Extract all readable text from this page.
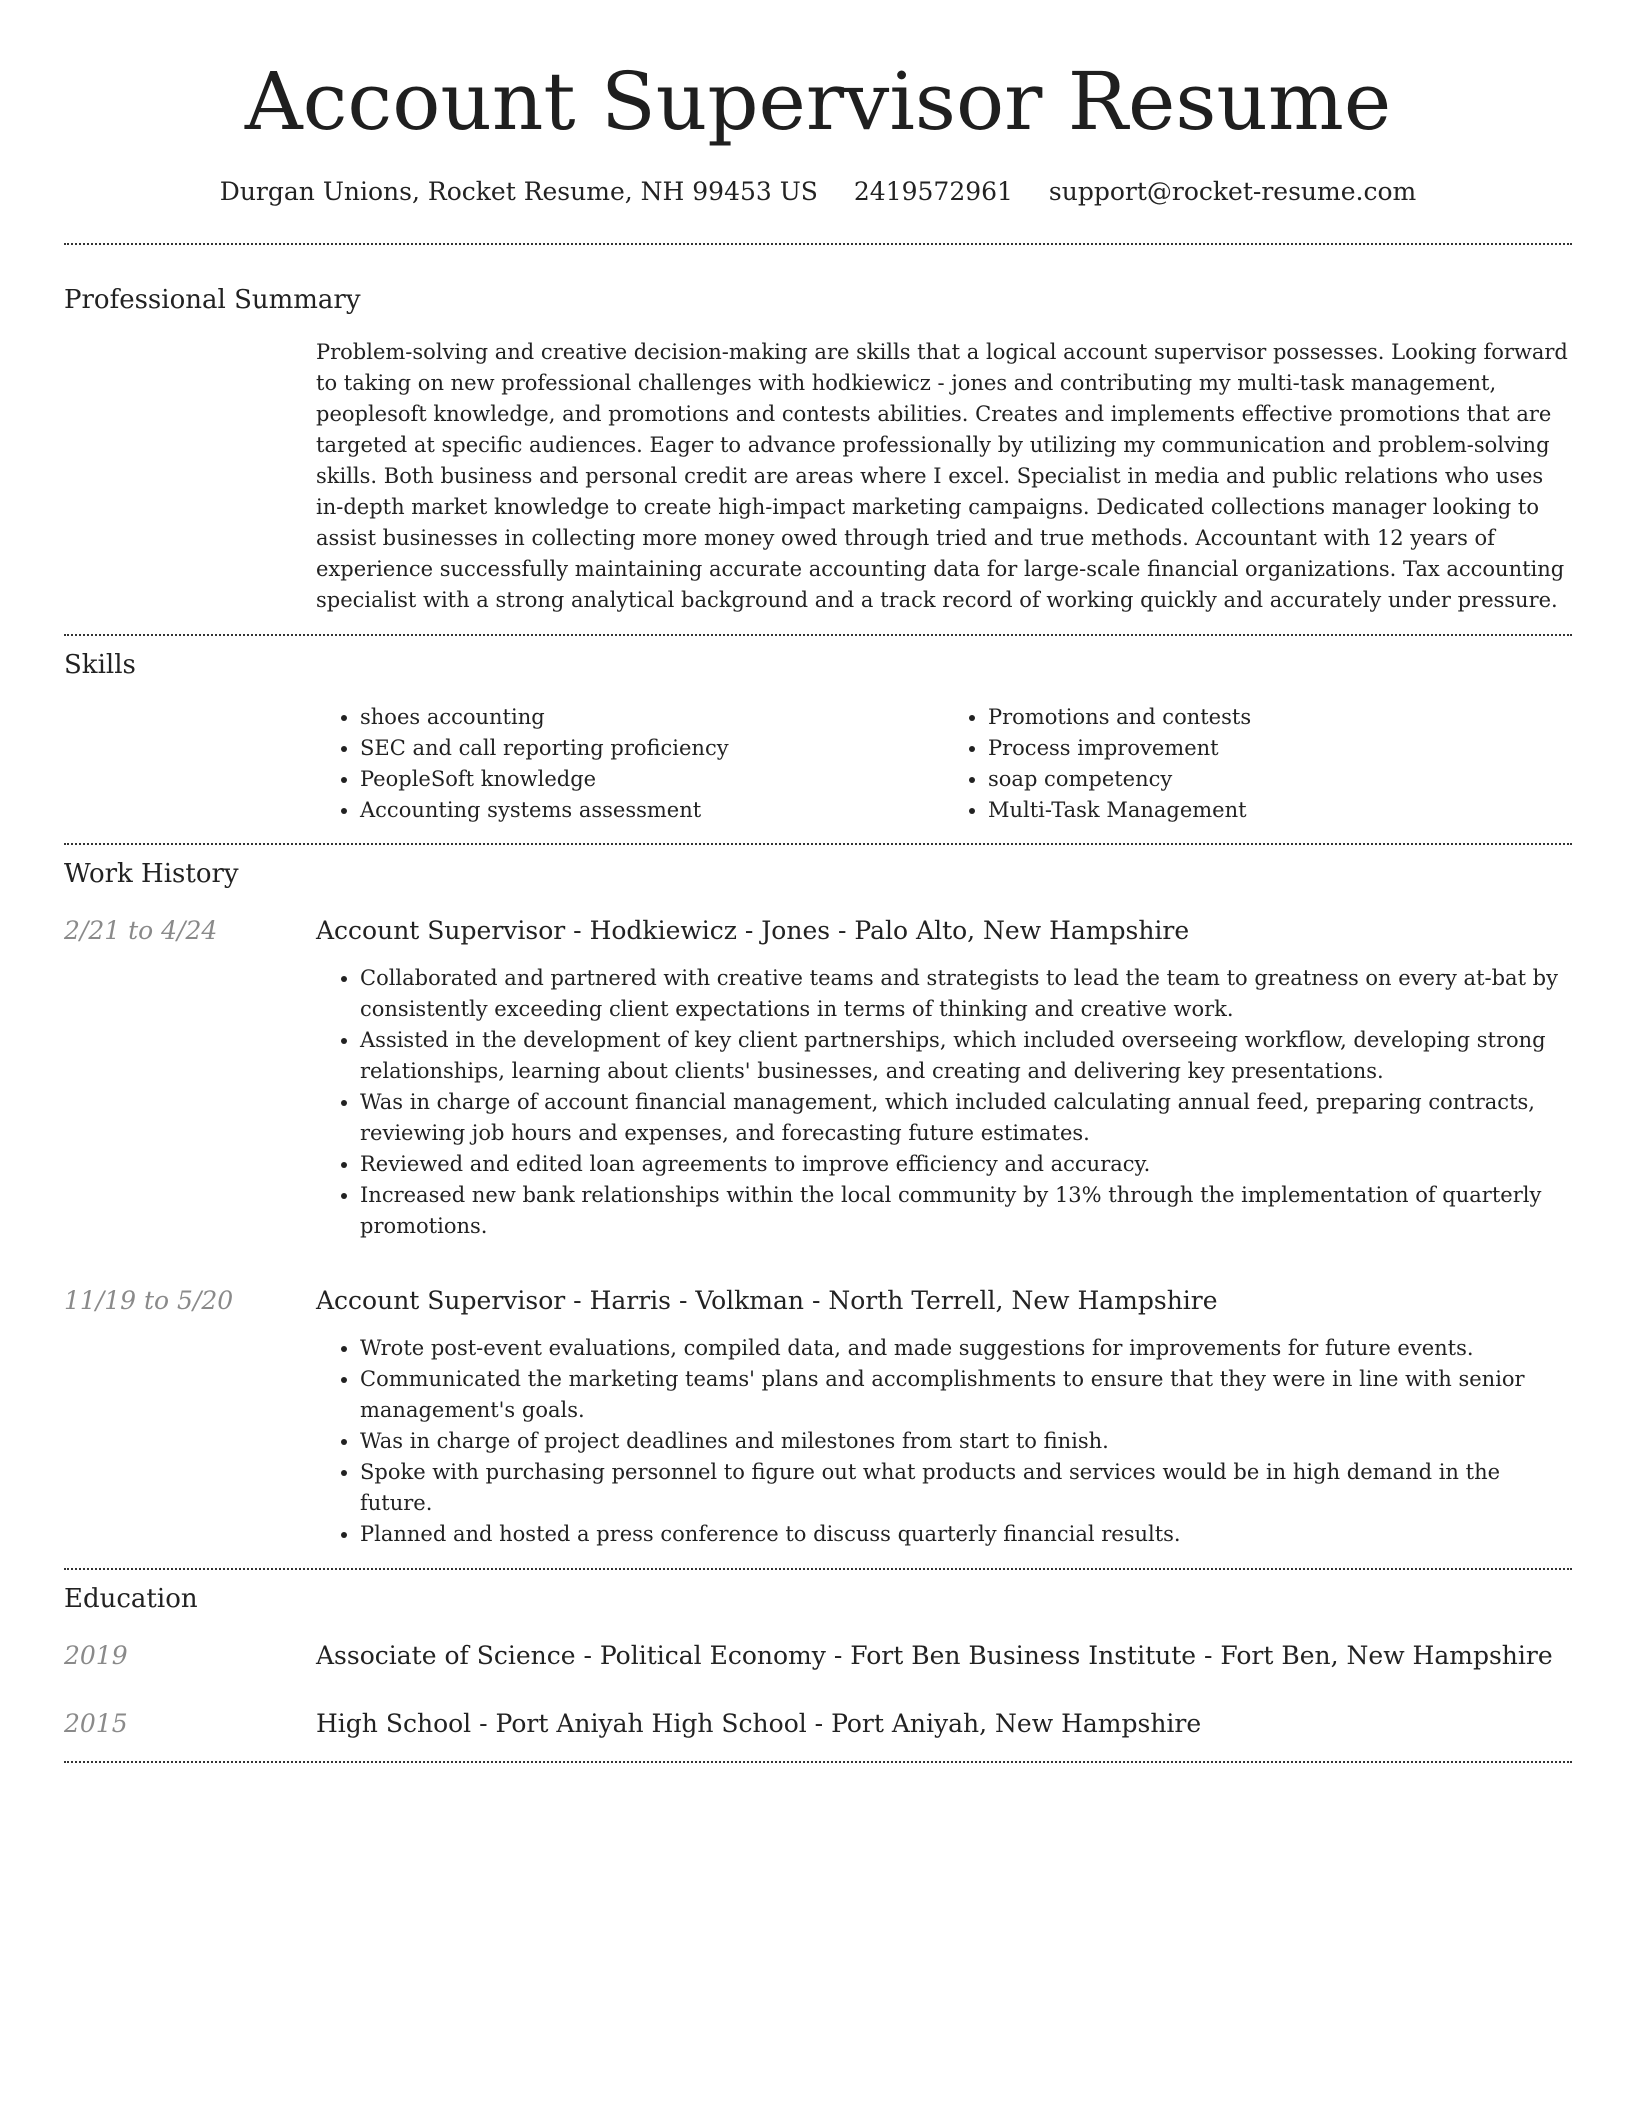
Account Supervisor Resume
Durgan Unions, Rocket Resume, NH 99453 US 2419572961 support@rocket-resume.com
Professional Summary

Problem-solving and creative decision-making are skills that a logical account supervisor possesses. Looking forward to taking on new professional challenges with hodkiewicz - jones and contributing my multi-task management, peoplesoft knowledge, and promotions and contests abilities. Creates and implements effective promotions that are targeted at specific audiences. Eager to advance professionally by utilizing my communication and problem-solving skills. Both business and personal credit are areas where I excel. Specialist in media and public relations who uses in-depth market knowledge to create high-impact marketing campaigns. Dedicated collections manager looking to assist businesses in collecting more money owed through tried and true methods. Accountant with 12 years of experience successfully maintaining accurate accounting data for large-scale financial organizations. Tax accounting specialist with a strong analytical background and a track record of working quickly and accurately under pressure.

Skills
• shoes accounting
• SEC and call reporting proficiency
• PeopleSoft knowledge
• Accounting systems assessment
• Promotions and contests
• Process improvement
• soap competency
• Multi-Task Management
Work History
2/21 to 4/24	Account Supervisor - Hodkiewicz - Jones - Palo Alto, New Hampshire
• Collaborated and partnered with creative teams and strategists to lead the team to greatness on every at-bat by consistently exceeding client expectations in terms of thinking and creative work.
• Assisted in the development of key client partnerships, which included overseeing workflow, developing strong relationships, learning about clients' businesses, and creating and delivering key presentations.
• Was in charge of account financial management, which included calculating annual feed, preparing contracts, reviewing job hours and expenses, and forecasting future estimates.
• Reviewed and edited loan agreements to improve efficiency and accuracy.
• Increased new bank relationships within the local community by 13% through the implementation of quarterly promotions.
11/19 to 5/20	Account Supervisor - Harris - Volkman - North Terrell, New Hampshire
• Wrote post-event evaluations, compiled data, and made suggestions for improvements for future events.
• Communicated the marketing teams' plans and accomplishments to ensure that they were in line with senior management's goals.
• Was in charge of project deadlines and milestones from start to finish.
• Spoke with purchasing personnel to figure out what products and services would be in high demand in the future.
• Planned and hosted a press conference to discuss quarterly financial results.
Education
2019	Associate of Science - Political Economy - Fort Ben Business Institute - Fort Ben, New Hampshire
2015	High School - Port Aniyah High School - Port Aniyah, New Hampshire
